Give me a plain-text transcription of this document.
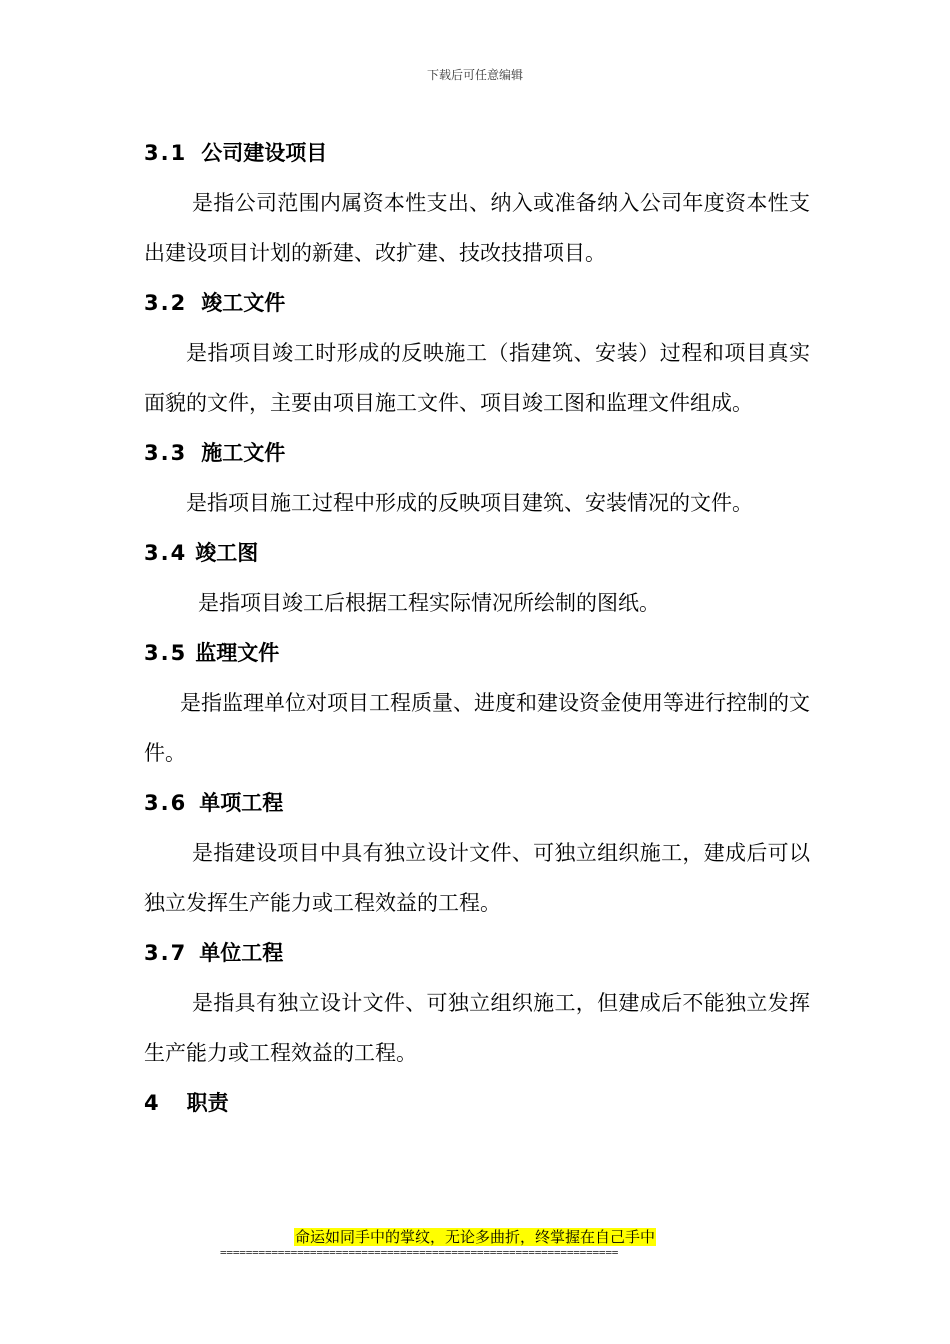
下载后可任意编辑
3.1 公司建设项目

是指公司范围内属资本性支出、纳入或准备纳入公司年度资本性支出建设项目计划的新建、改扩建、技改技措项目。

3.2 竣工文件

是指项目竣工时形成的反映施工（指建筑、安装）过程和项目真实面貌的文件，主要由项目施工文件、项目竣工图和监理文件组成。

3.3 施工文件

是指项目施工过程中形成的反映项目建筑、安装情况的文件。

3.4 竣工图

是指项目竣工后根据工程实际情况所绘制的图纸。

3.5 监理文件

是指监理单位对项目工程质量、进度和建设资金使用等进行控制的文件。

3.6 单项工程

是指建设项目中具有独立设计文件、可独立组织施工，建成后可以独立发挥生产能力或工程效益的工程。

3.7 单位工程

是指具有独立设计文件、可独立组织施工，但建成后不能独立发挥生产能力或工程效益的工程。

4 职责
命运如同手中的掌纹，无论多曲折，终掌握在自己手中
==============================================================
